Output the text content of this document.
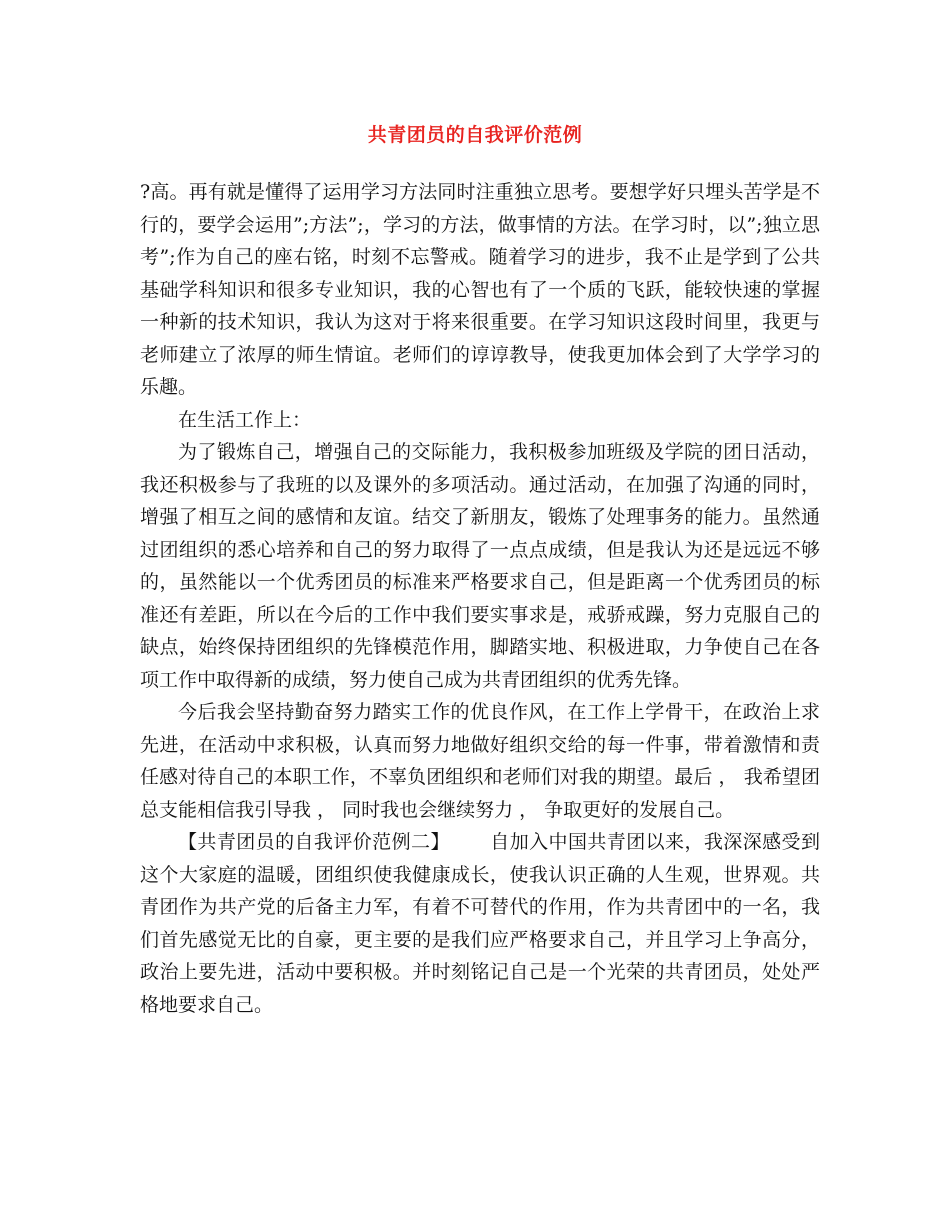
共青团员的自我评价范例

?高。再有就是懂得了运用学习方法同时注重独立思考。要想学好只埋头苦学是不行的，要学会运用”;方法”;，学习的方法，做事情的方法。在学习时，以”;独立思考”;作为自己的座右铭，时刻不忘警戒。随着学习的进步，我不止是学到了公共基础学科知识和很多专业知识，我的心智也有了一个质的飞跃，能较快速的掌握一种新的技术知识，我认为这对于将来很重要。在学习知识这段时间里，我更与老师建立了浓厚的师生情谊。老师们的谆谆教导，使我更加体会到了大学学习的乐趣。

在生活工作上：

为了锻炼自己，增强自己的交际能力，我积极参加班级及学院的团日活动，我还积极参与了我班的以及课外的多项活动。通过活动，在加强了沟通的同时，增强了相互之间的感情和友谊。结交了新朋友，锻炼了处理事务的能力。虽然通过团组织的悉心培养和自己的努力取得了一点点成绩，但是我认为还是远远不够的，虽然能以一个优秀团员的标准来严格要求自己，但是距离一个优秀团员的标准还有差距，所以在今后的工作中我们要实事求是，戒骄戒躁，努力克服自己的缺点，始终保持团组织的先锋模范作用，脚踏实地、积极进取，力争使自己在各项工作中取得新的成绩，努力使自己成为共青团组织的优秀先锋。

今后我会坚持勤奋努力踏实工作的优良作风，在工作上学骨干，在政治上求先进，在活动中求积极，认真而努力地做好组织交给的每一件事，带着激情和责任感对待自己的本职工作，不辜负团组织和老师们对我的期望。最后 ， 我希望团总支能相信我引导我 ， 同时我也会继续努力 ， 争取更好的发展自己。

【共青团员的自我评价范例二】 自加入中国共青团以来，我深深感受到这个大家庭的温暖，团组织使我健康成长，使我认识正确的人生观，世界观。共青团作为共产党的后备主力军，有着不可替代的作用，作为共青团中的一名，我们首先感觉无比的自豪，更主要的是我们应严格要求自己，并且学习上争高分，政治上要先进，活动中要积极。并时刻铭记自己是一个光荣的共青团员，处处严格地要求自己。
